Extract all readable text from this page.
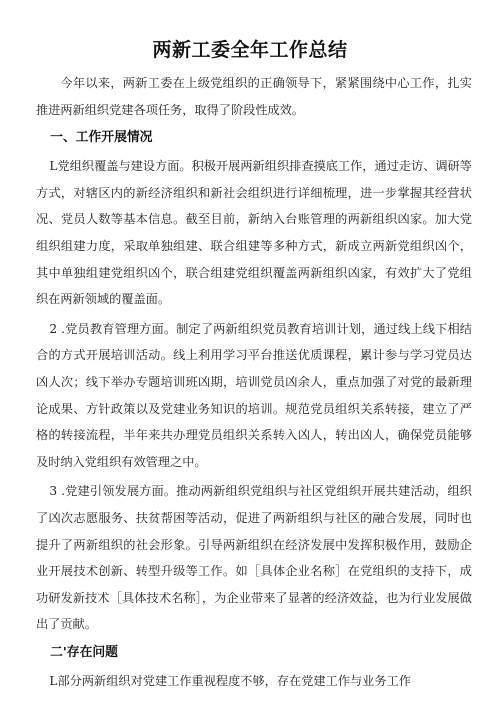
两新工委全年工作总结

今年以来，两新工委在上级党组织的正确领导下，紧紧围绕中心工作，扎实推进两新组织党建各项任务，取得了阶段性成效。

一、工作开展情况

L党组织覆盖与建设方面。积极开展两新组织排查摸底工作，通过走访、调研等方式，对辖区内的新经济组织和新社会组织进行详细梳理，进一步掌握其经营状况、党员人数等基本信息。截至目前，新纳入台账管理的两新组织凶家。加大党组织组建力度，采取单独组建、联合组建等多种方式，新成立两新党组织凶个，其中单独组建党组织凶个，联合组建党组织覆盖两新组织凶家，有效扩大了党组织在两新领域的覆盖面。

2 .党员教育管理方面。制定了两新组织党员教育培训计划，通过线上线下相结合的方式开展培训活动。线上利用学习平台推送优质课程，累计参与学习党员达凶人次；线下举办专题培训班凶期，培训党员凶余人，重点加强了对党的最新理论成果、方针政策以及党建业务知识的培训。规范党员组织关系转接，建立了严格的转接流程，半年来共办理党员组织关系转入凶人，转出凶人，确保党员能够及时纳入党组织有效管理之中。

3 .党建引领发展方面。推动两新组织党组织与社区党组织开展共建活动，组织了凶次志愿服务、扶贫帮困等活动，促进了两新组织与社区的融合发展，同时也提升了两新组织的社会形象。引导两新组织在经济发展中发挥积极作用，鼓励企业开展技术创新、转型升级等工作。如［具体企业名称］在党组织的支持下，成功研发新技术［具体技术名称］，为企业带来了显著的经济效益，也为行业发展做出了贡献。

二'存在问题

L部分两新组织对党建工作重视程度不够，存在党建工作与业务工作
